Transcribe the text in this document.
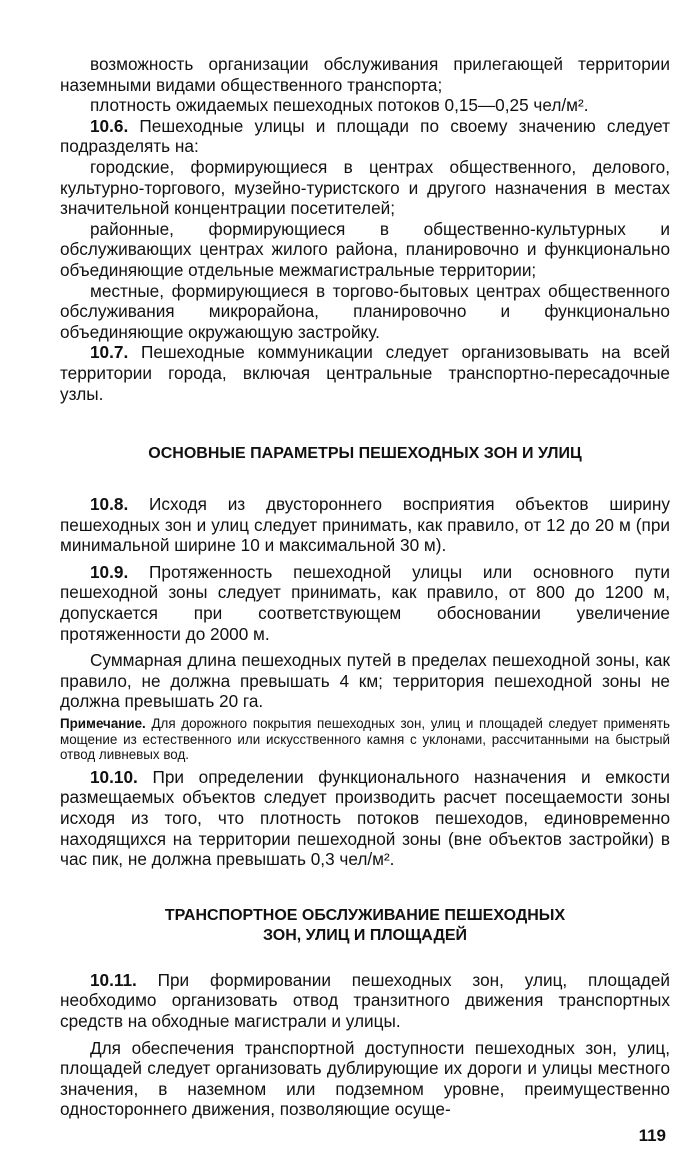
возможность организации обслуживания прилегающей территории наземными видами общественного транспорта;

плотность ожидаемых пешеходных потоков 0,15—0,25 чел/м².

10.6. Пешеходные улицы и площади по своему значению следует подразделять на:

городские, формирующиеся в центрах общественного, делового, культурно-торгового, музейно-туристского и другого назначения в местах значительной концентрации посетителей;

районные, формирующиеся в общественно-культурных и обслуживающих центрах жилого района, планировочно и функционально объединяющие отдельные межмагистральные территории;

местные, формирующиеся в торгово-бытовых центрах общественного обслуживания микрорайона, планировочно и функционально объединяющие окружающую застройку.

10.7. Пешеходные коммуникации следует организовывать на всей территории города, включая центральные транспортно-пересадочные узлы.

ОСНОВНЫЕ ПАРАМЕТРЫ ПЕШЕХОДНЫХ ЗОН И УЛИЦ

10.8. Исходя из двустороннего восприятия объектов ширину пешеходных зон и улиц следует принимать, как правило, от 12 до 20 м (при минимальной ширине 10 и максимальной 30 м).

10.9. Протяженность пешеходной улицы или основного пути пешеходной зоны следует принимать, как правило, от 800 до 1200 м, допускается при соответствующем обосновании увеличение протяженности до 2000 м.

Суммарная длина пешеходных путей в пределах пешеходной зоны, как правило, не должна превышать 4 км; территория пешеходной зоны не должна превышать 20 га.

Примечание. Для дорожного покрытия пешеходных зон, улиц и площадей следует применять мощение из естественного или искусственного камня с уклонами, рассчитанными на быстрый отвод ливневых вод.

10.10. При определении функционального назначения и емкости размещаемых объектов следует производить расчет посещаемости зоны исходя из того, что плотность потоков пешеходов, единовременно находящихся на территории пешеходной зоны (вне объектов застройки) в час пик, не должна превышать 0,3 чел/м².

ТРАНСПОРТНОЕ ОБСЛУЖИВАНИЕ ПЕШЕХОДНЫХ

ЗОН, УЛИЦ И ПЛОЩАДЕЙ

10.11. При формировании пешеходных зон, улиц, площадей необходимо организовать отвод транзитного движения транспортных средств на обходные магистрали и улицы.

Для обеспечения транспортной доступности пешеходных зон, улиц, площадей следует организовать дублирующие их дороги и улицы местного значения, в наземном или подземном уровне, преимущественно одностороннего движения, позволяющие осуще-

119
